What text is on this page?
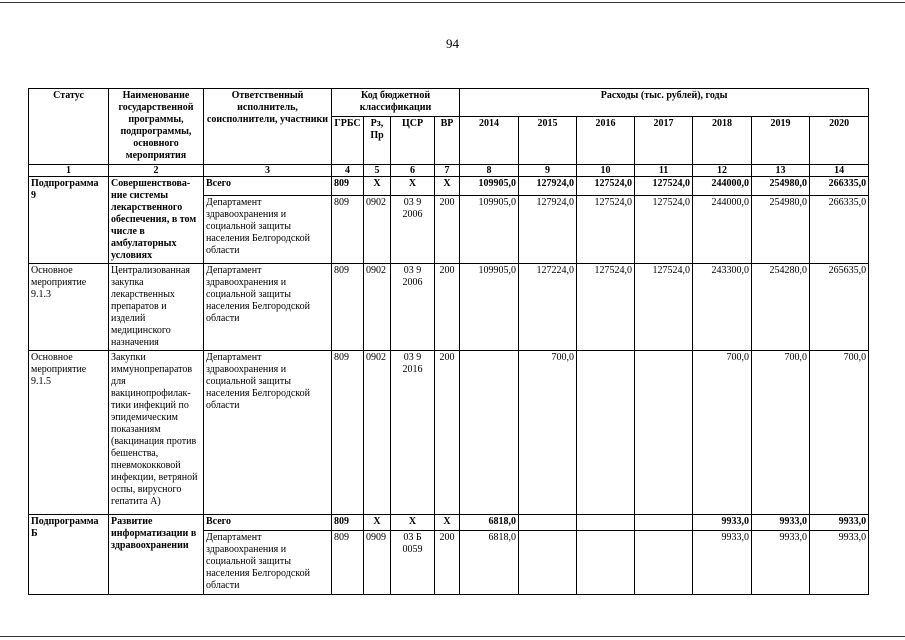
94
Статус	Наименование государственной программы, подпрограммы, основного мероприятия	Ответственный исполнитель, соисполнители, участники	Код бюджетной классификации				Расходы (тыс. рублей), годы						
			ГРБС	Рз, Пр	ЦСР	ВР	2014	2015	2016	2017	2018	2019	2020
1	2	3	4	5	6	7	8	9	10	11	12	13	14
Подпрограмма 9	Совершенствова-ние системы лекарственного обеспечения, в том числе в амбулаторных условиях	Всего	809	Х	Х	Х	109905,0	127924,0	127524,0	127524,0	244000,0	254980,0	266335,0
		Департамент здравоохранения и социальной защиты населения Белгородской области	809	0902	03 9 2006	200	109905,0	127924,0	127524,0	127524,0	244000,0	254980,0	266335,0
Основное мероприятие 9.1.3	Централизованная закупка лекарственных препаратов и изделий медицинского назначения	Департамент здравоохранения и социальной защиты населения Белгородской области	809	0902	03 9 2006	200	109905,0	127224,0	127524,0	127524,0	243300,0	254280,0	265635,0
Основное мероприятие 9.1.5	Закупки иммунопрепаратов для вакцинопрофилак-тики инфекций по эпидемическим показаниям (вакцинация против бешенства, пневмококковой инфекции, ветряной оспы, вирусного гепатита А)	Департамент здравоохранения и социальной защиты населения Белгородской области	809	0902	03 9 2016	200		700,0			700,0	700,0	700,0
Подпрограмма Б	Развитие информатизации в здравоохранении	Всего	809	Х	Х	Х	6818,0				9933,0	9933,0	9933,0
		Департамент здравоохранения и социальной защиты населения Белгородской области	809	0909	03 Б 0059	200	6818,0				9933,0	9933,0	9933,0
